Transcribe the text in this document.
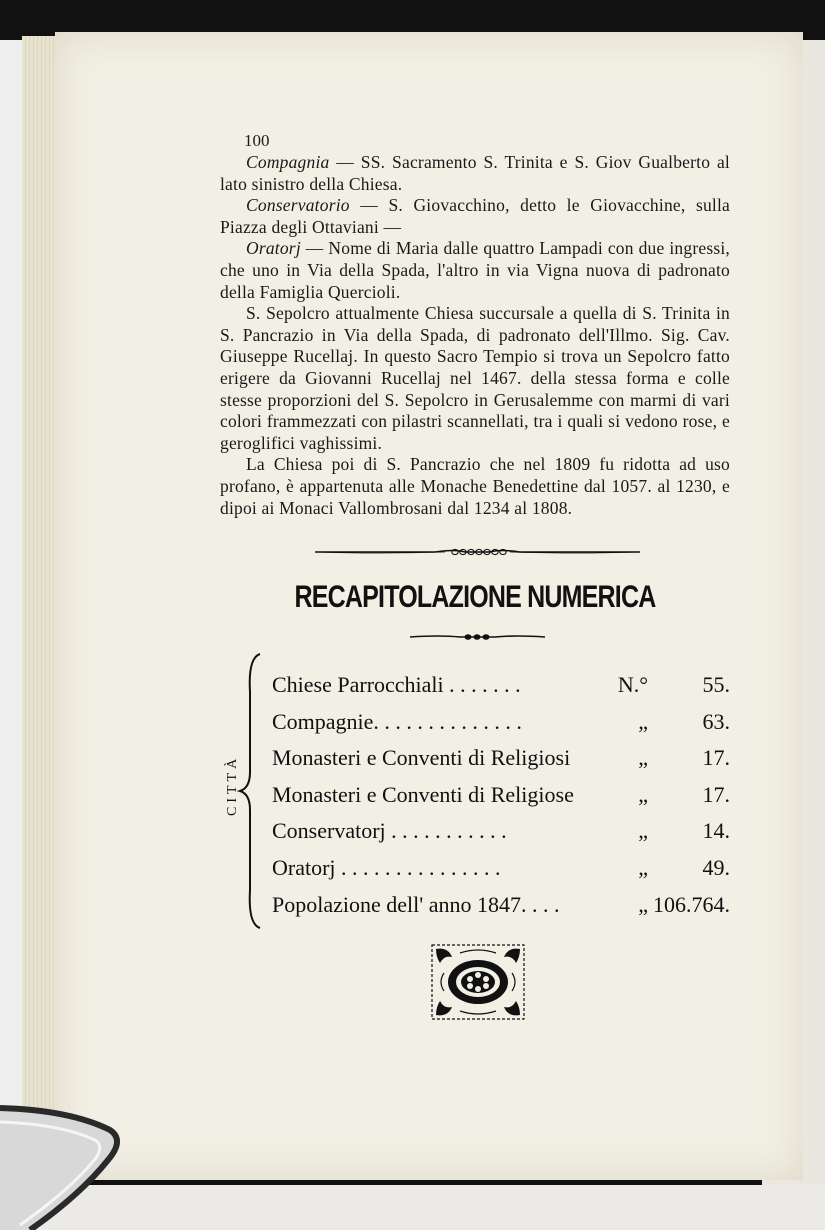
100

Compagnia — SS. Sacramento S. Trinita e S. Giov Gualberto al lato sinistro della Chiesa.

Conservatorio — S. Giovacchino, detto le Giovacchine, sulla Piazza degli Ottaviani —

Oratorj — Nome di Maria dalle quattro Lampadi con due ingressi, che uno in Via della Spada, l'altro in via Vigna nuova di padronato della Famiglia Quercioli.

S. Sepolcro attualmente Chiesa succursale a quella di S. Trinita in S. Pancrazio in Via della Spada, di padronato dell'Illmo. Sig. Cav. Giuseppe Rucellaj. In questo Sacro Tempio si trova un Sepolcro fatto erigere da Giovanni Rucellaj nel 1467. della stessa forma e colle stesse proporzioni del S. Sepolcro in Gerusalemme con marmi di vari colori frammezzati con pilastri scannellati, tra i quali si vedono rose, e geroglifici vaghissimi.

La Chiesa poi di S. Pancrazio che nel 1809 fu ridotta ad uso profano, è appartenuta alle Monache Benedettine dal 1057. al 1230, e dipoi ai Monaci Vallombrosani dal 1234 al 1808.

RECAPITOLAZIONE NUMERICA
CITTÀ
Chiese Parrocchiali . . . . . . .	N.° 55.
Compagnie. . . . . . . . . . . . . .	„ 63.
Monasteri e Conventi di Religiosi	„ 17.
Monasteri e Conventi di Religiose	„ 17.
Conservatorj . . . . . . . . . . .	„ 14.
Oratorj . . . . . . . . . . . . . . .	„ 49.
Popolazione dell' anno 1847. . . .	„ 106.764.
